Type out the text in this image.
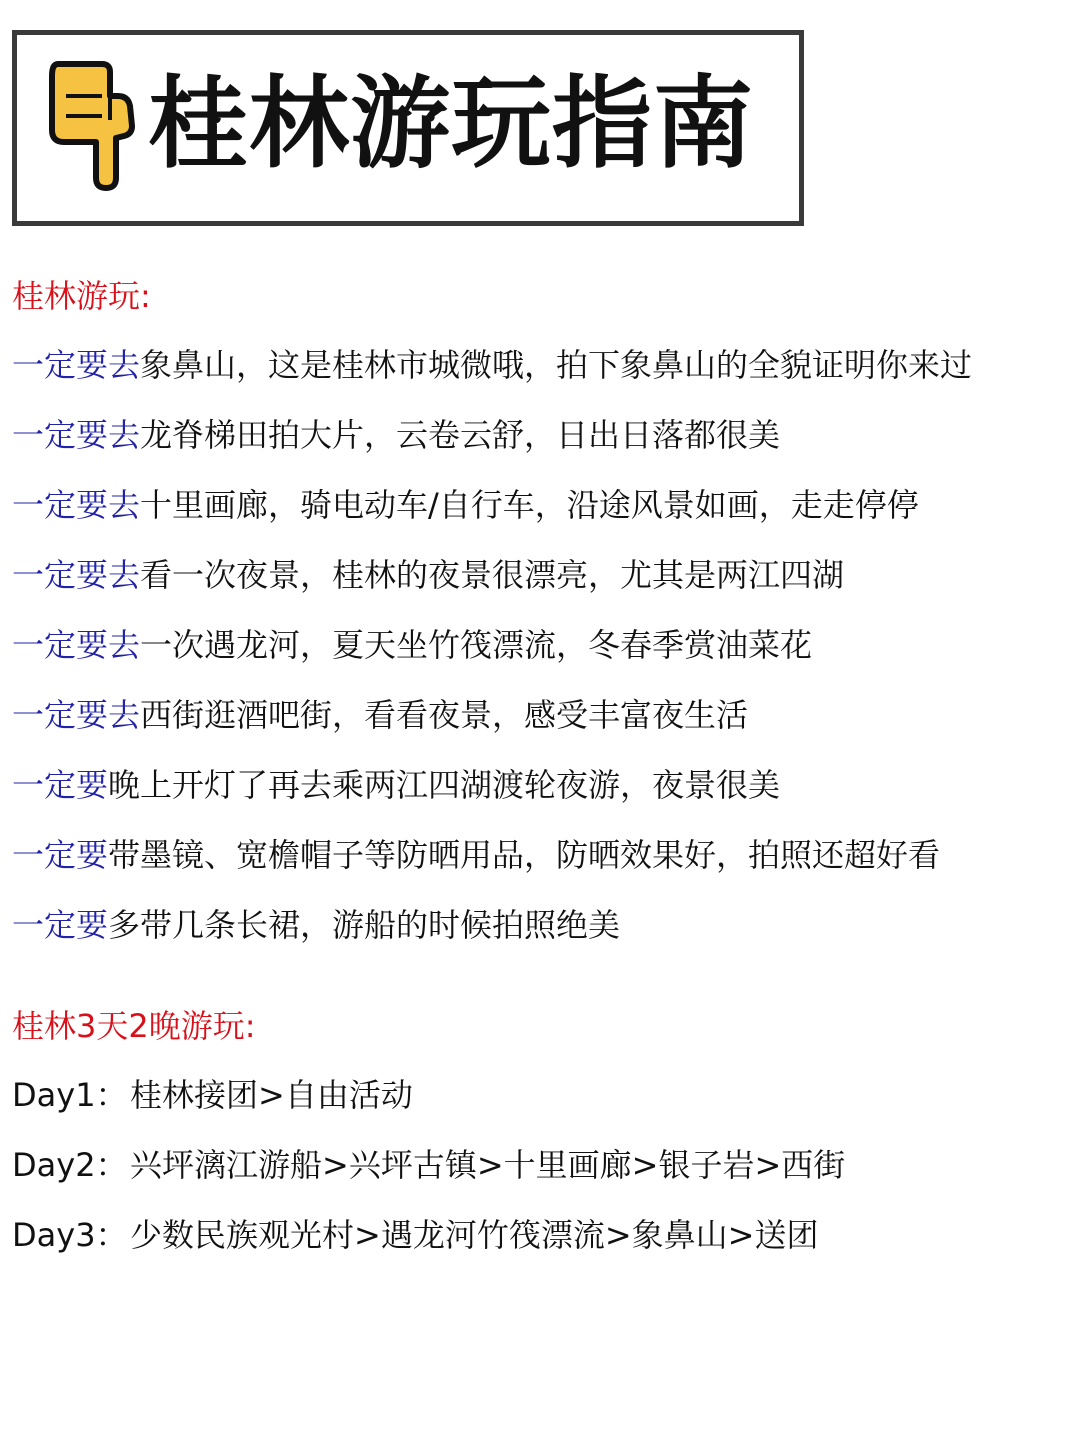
桂林游玩指南
桂林游玩:
一定要去象鼻山，这是桂林市城微哦，拍下象鼻山的全貌证明你来过
一定要去龙脊梯田拍大片，云卷云舒，日出日落都很美
一定要去十里画廊，骑电动车/自行车，沿途风景如画，走走停停
一定要去看一次夜景，桂林的夜景很漂亮，尤其是两江四湖
一定要去一次遇龙河，夏天坐竹筏漂流，冬春季赏油菜花
一定要去西街逛酒吧街，看看夜景，感受丰富夜生活
一定要晚上开灯了再去乘两江四湖渡轮夜游，夜景很美
一定要带墨镜、宽檐帽子等防晒用品，防晒效果好，拍照还超好看
一定要多带几条长裙，游船的时候拍照绝美
桂林3天2晚游玩:
Day1：桂林接团>自由活动
Day2：兴坪漓江游船>兴坪古镇>十里画廊>银子岩>西街
Day3：少数民族观光村>遇龙河竹筏漂流>象鼻山>送团
